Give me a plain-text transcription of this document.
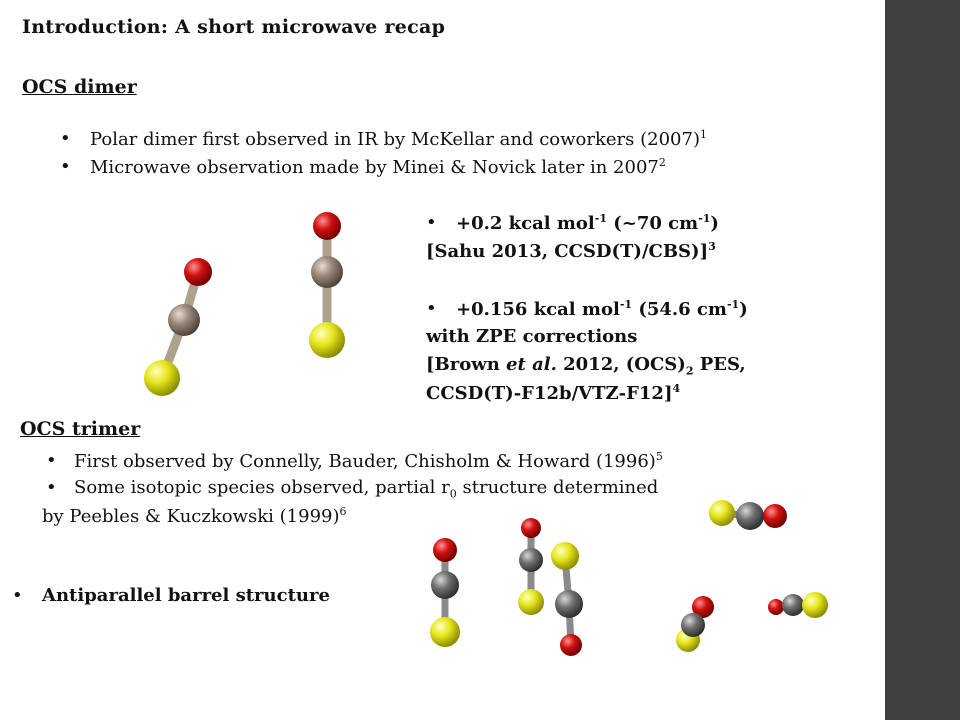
Introduction: A short microwave recap
OCS dimer
• Polar dimer first observed in IR by McKellar and coworkers $(2007)^1$
• Microwave observation made by Minei & Novick later in 2007$^2$
• +0.2 kcal mol$^{-1}$ (~70 $cm^{-1}$)
[Sahu 2013, CCSD(T)/CBS)]$^3$
• +0.156 kcal mol$^{-1}$ (54.6 $cm^{-1}$)
with ZPE corrections
[Brown et al. 2012, $(OCS)_2$ PES,
CCSD(T)-F12b/VTZ-F12]$^4$
OCS trimer
• First observed by Connelly, Bauder, Chisholm & Howard $(1996)^5$
• Some isotopic species observed, partial $r_0$ structure determined
by Peebles & Kuczkowski $(1999)^6$
• Antiparallel barrel structure
